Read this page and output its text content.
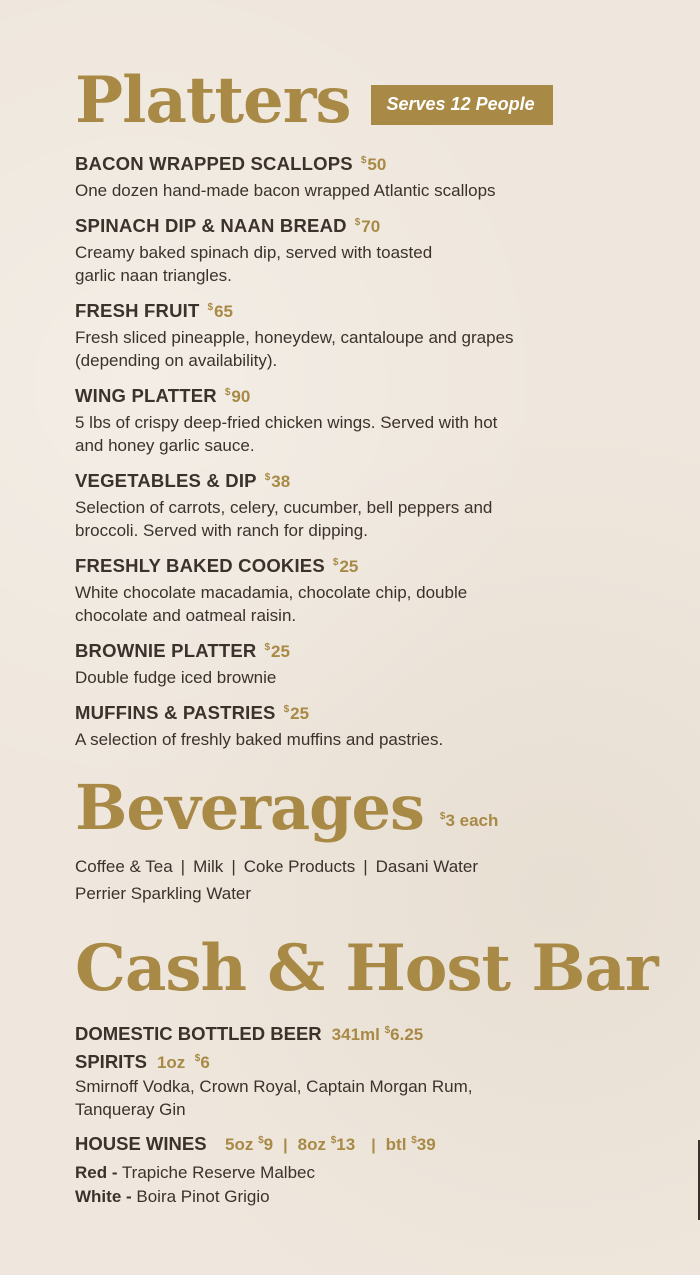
Platters	Serves 12 People
BACON WRAPPED SCALLOPS $50
One dozen hand-made bacon wrapped Atlantic scallops
SPINACH DIP & NAAN BREAD $70
Creamy baked spinach dip, served with toasted
garlic naan triangles.
FRESH FRUIT $65
Fresh sliced pineapple, honeydew, cantaloupe and grapes
(depending on availability).
WING PLATTER $90
5 lbs of crispy deep-fried chicken wings. Served with hot
and honey garlic sauce.
VEGETABLES & DIP $38
Selection of carrots, celery, cucumber, bell peppers and
broccoli. Served with ranch for dipping.
FRESHLY BAKED COOKIES $25
White chocolate macadamia, chocolate chip, double
chocolate and oatmeal raisin.
BROWNIE PLATTER $25
Double fudge iced brownie
MUFFINS & PASTRIES $25
A selection of freshly baked muffins and pastries.
Beverages $3 each
Coffee & Tea | Milk | Coke Products | Dasani Water
Perrier Sparkling Water
Cash & Host Bar
DOMESTIC BOTTLED BEER 341ml $6.25
SPIRITS 1oz $6
Smirnoff Vodka, Crown Royal, Captain Morgan Rum,
Tanqueray Gin
HOUSE WINES 5oz $9 | 8oz $13 | btl $39
Red - Trapiche Reserve Malbec
White - Boira Pinot Grigio
